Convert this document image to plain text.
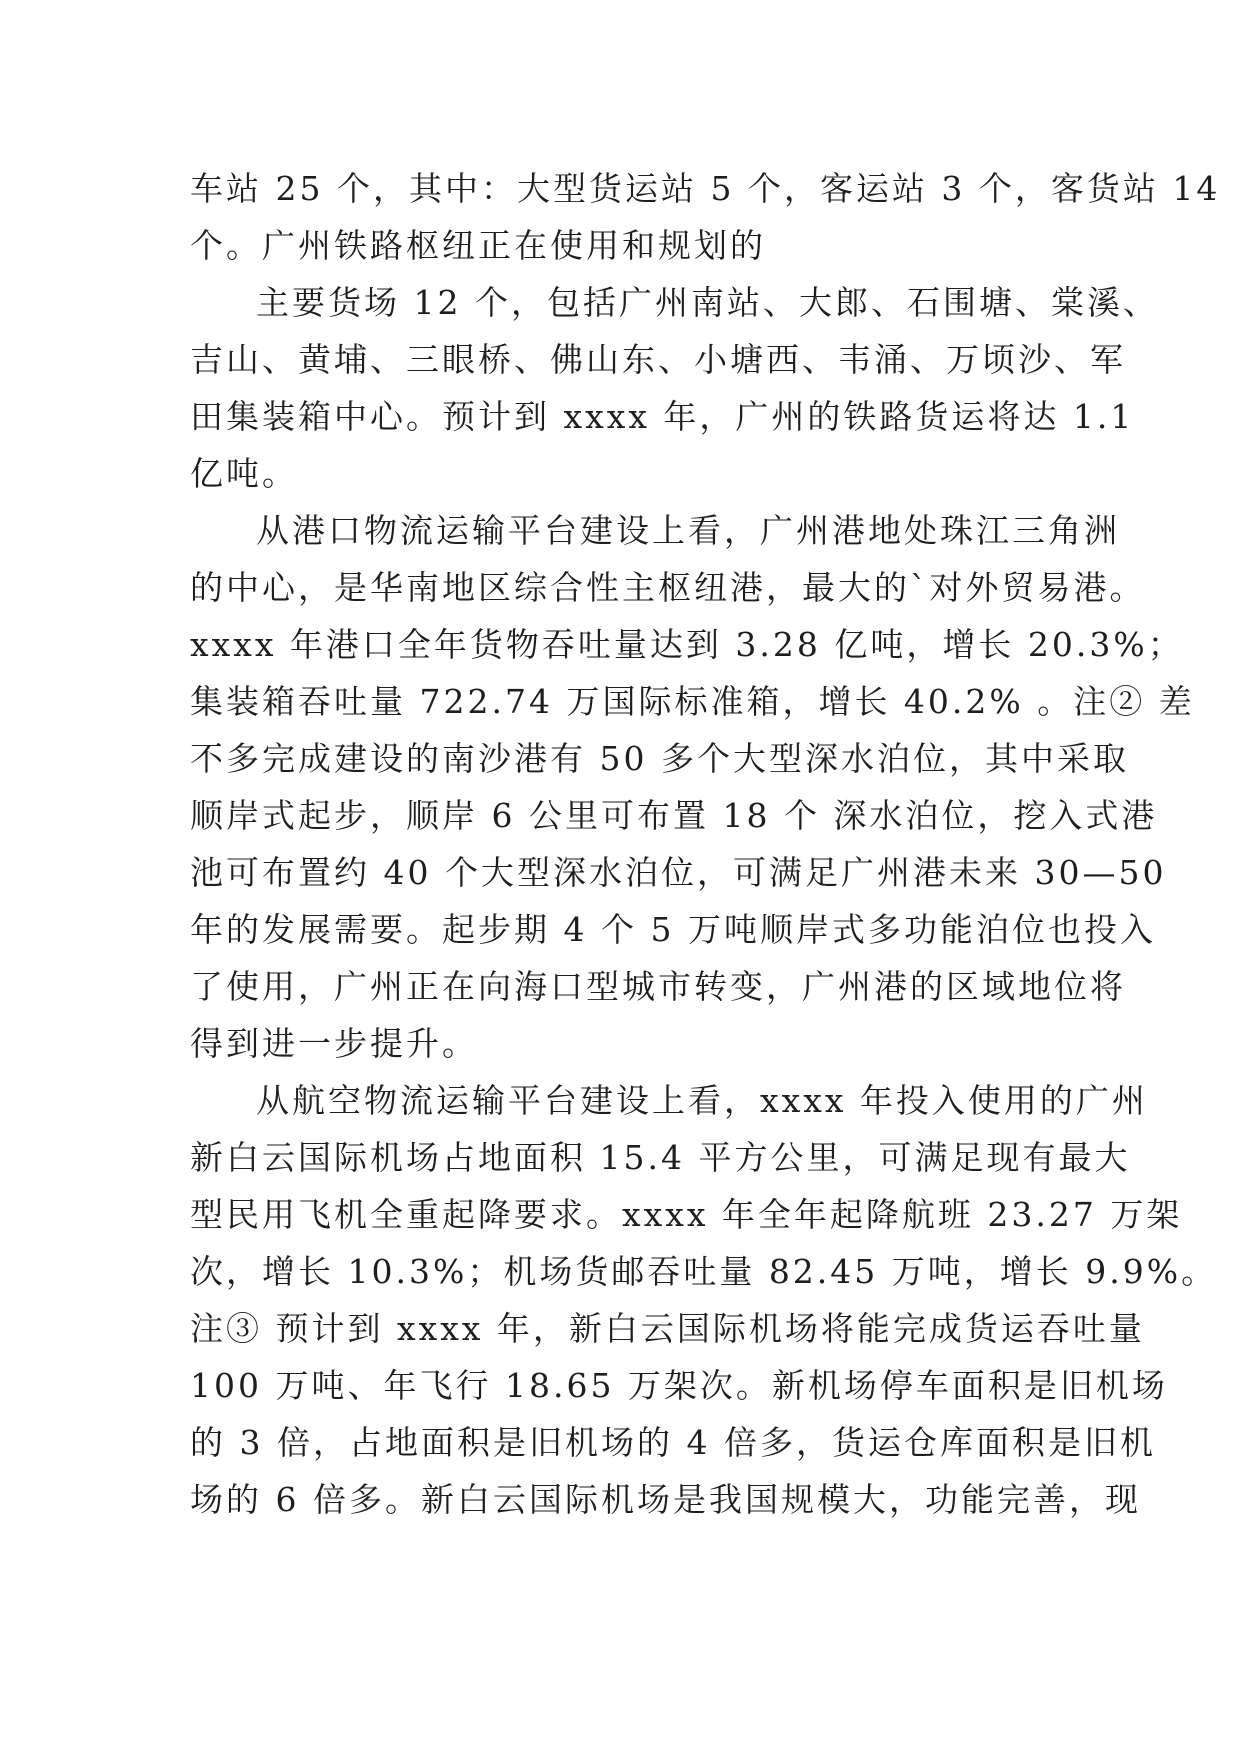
车站 25 个，其中：大型货运站 5 个，客运站 3 个，客货站 14
个。广州铁路枢纽正在使用和规划的
主要货场 12 个，包括广州南站、大郎、石围塘、棠溪、
吉山、黄埔、三眼桥、佛山东、小塘西、韦涌、万顷沙、军
田集装箱中心。预计到 xxxx 年，广州的铁路货运将达 1.1
亿吨。
从港口物流运输平台建设上看，广州港地处珠江三角洲
的中心，是华南地区综合性主枢纽港，最大的`对外贸易港。
xxxx 年港口全年货物吞吐量达到 3.28 亿吨，增长 20.3%；
集装箱吞吐量 722.74 万国际标准箱，增长 40.2% 。注② 差
不多完成建设的南沙港有 50 多个大型深水泊位，其中采取
顺岸式起步，顺岸 6 公里可布置 18 个 深水泊位，挖入式港
池可布置约 40 个大型深水泊位，可满足广州港未来 30—50
年的发展需要。起步期 4 个 5 万吨顺岸式多功能泊位也投入
了使用，广州正在向海口型城市转变，广州港的区域地位将
得到进一步提升。
从航空物流运输平台建设上看，xxxx 年投入使用的广州
新白云国际机场占地面积 15.4 平方公里，可满足现有最大
型民用飞机全重起降要求。xxxx 年全年起降航班 23.27 万架
次，增长 10.3%；机场货邮吞吐量 82.45 万吨，增长 9.9%。
注③ 预计到 xxxx 年，新白云国际机场将能完成货运吞吐量
100 万吨、年飞行 18.65 万架次。新机场停车面积是旧机场
的 3 倍，占地面积是旧机场的 4 倍多，货运仓库面积是旧机
场的 6 倍多。新白云国际机场是我国规模大，功能完善，现
